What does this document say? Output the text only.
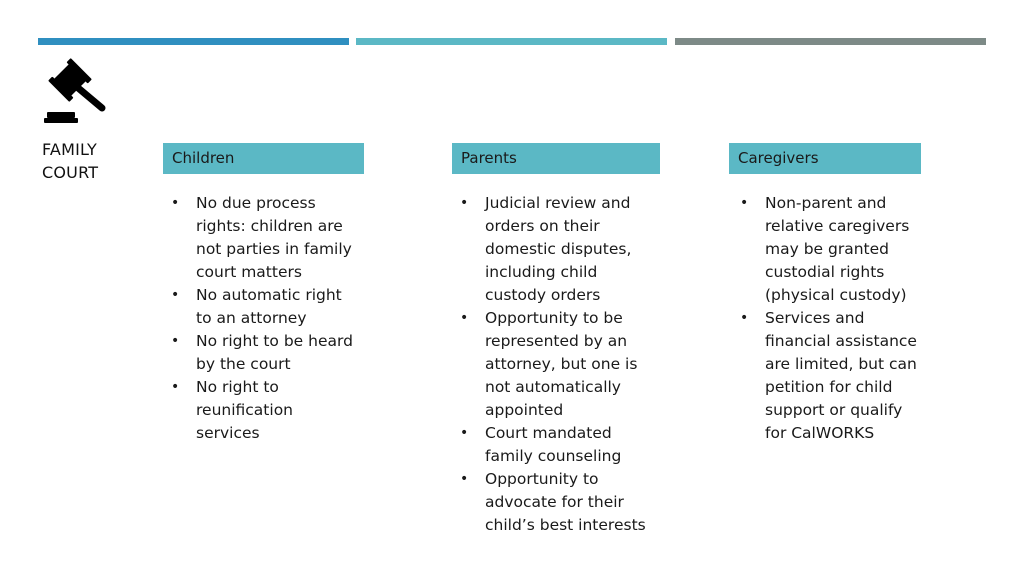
FAMILY COURT
Children	Parents	Caregivers
• No due process rights: children are not parties in family court matters
• No automatic right to an attorney
• No right to be heard by the court
• No right to reunification services
• Judicial review and orders on their domestic disputes, including child custody orders
• Opportunity to be represented by an attorney, but one is not automatically appointed
• Court mandated family counseling
• Opportunity to advocate for their child’s best interests
• Non-parent and relative caregivers may be granted custodial rights (physical custody)
• Services and financial assistance are limited, but can petition for child support or qualify for CalWORKS
